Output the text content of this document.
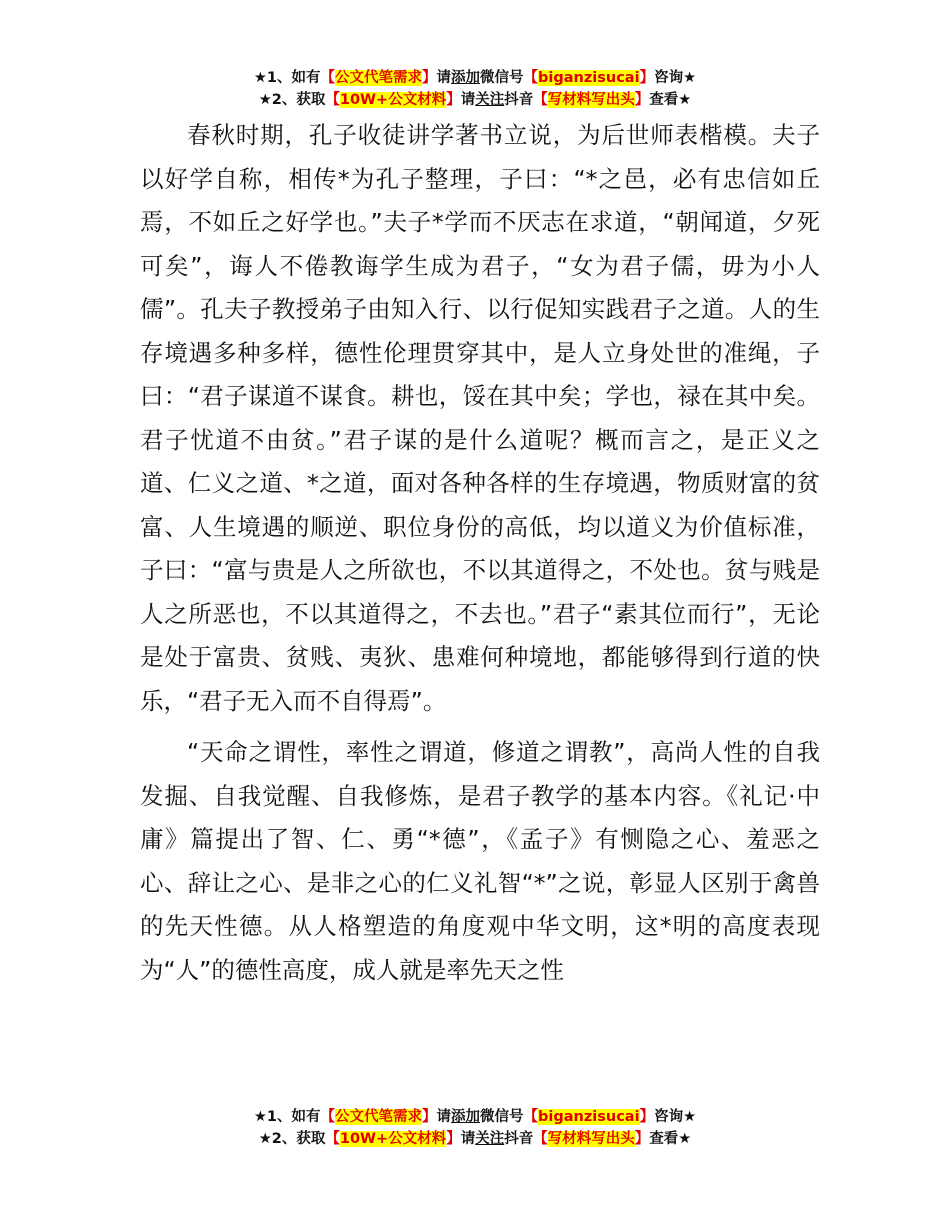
★1、如有【公文代笔需求】请添加微信号【biganzisucai】咨询★
★2、获取【10W+公文材料】请关注抖音【写材料写出头】查看★

春秋时期，孔子收徒讲学著书立说，为后世师表楷模。夫子以好学自称，相传*为孔子整理，子曰：“*之邑，必有忠信如丘焉，不如丘之好学也。”夫子*学而不厌志在求道，“朝闻道，夕死可矣”，诲人不倦教诲学生成为君子，“女为君子儒，毋为小人儒”。孔夫子教授弟子由知入行、以行促知实践君子之道。人的生存境遇多种多样，德性伦理贯穿其中，是人立身处世的准绳，子曰：“君子谋道不谋食。耕也，馁在其中矣；学也，禄在其中矣。君子忧道不由贫。”君子谋的是什么道呢？概而言之，是正义之道、仁义之道、*之道，面对各种各样的生存境遇，物质财富的贫富、人生境遇的顺逆、职位身份的高低，均以道义为价值标准，子曰：“富与贵是人之所欲也，不以其道得之，不处也。贫与贱是人之所恶也，不以其道得之，不去也。”君子“素其位而行”，无论是处于富贵、贫贱、夷狄、患难何种境地，都能够得到行道的快乐，“君子无入而不自得焉”。

“天命之谓性，率性之谓道，修道之谓教”，高尚人性的自我发掘、自我觉醒、自我修炼，是君子教学的基本内容。《礼记·中庸》篇提出了智、仁、勇“*德”，《孟子》有恻隐之心、羞恶之心、辞让之心、是非之心的仁义礼智“*”之说，彰显人区别于禽兽的先天性德。从人格塑造的角度观中华文明，这*明的高度表现为“人”的德性高度，成人就是率先天之性

★1、如有【公文代笔需求】请添加微信号【biganzisucai】咨询★
★2、获取【10W+公文材料】请关注抖音【写材料写出头】查看★
